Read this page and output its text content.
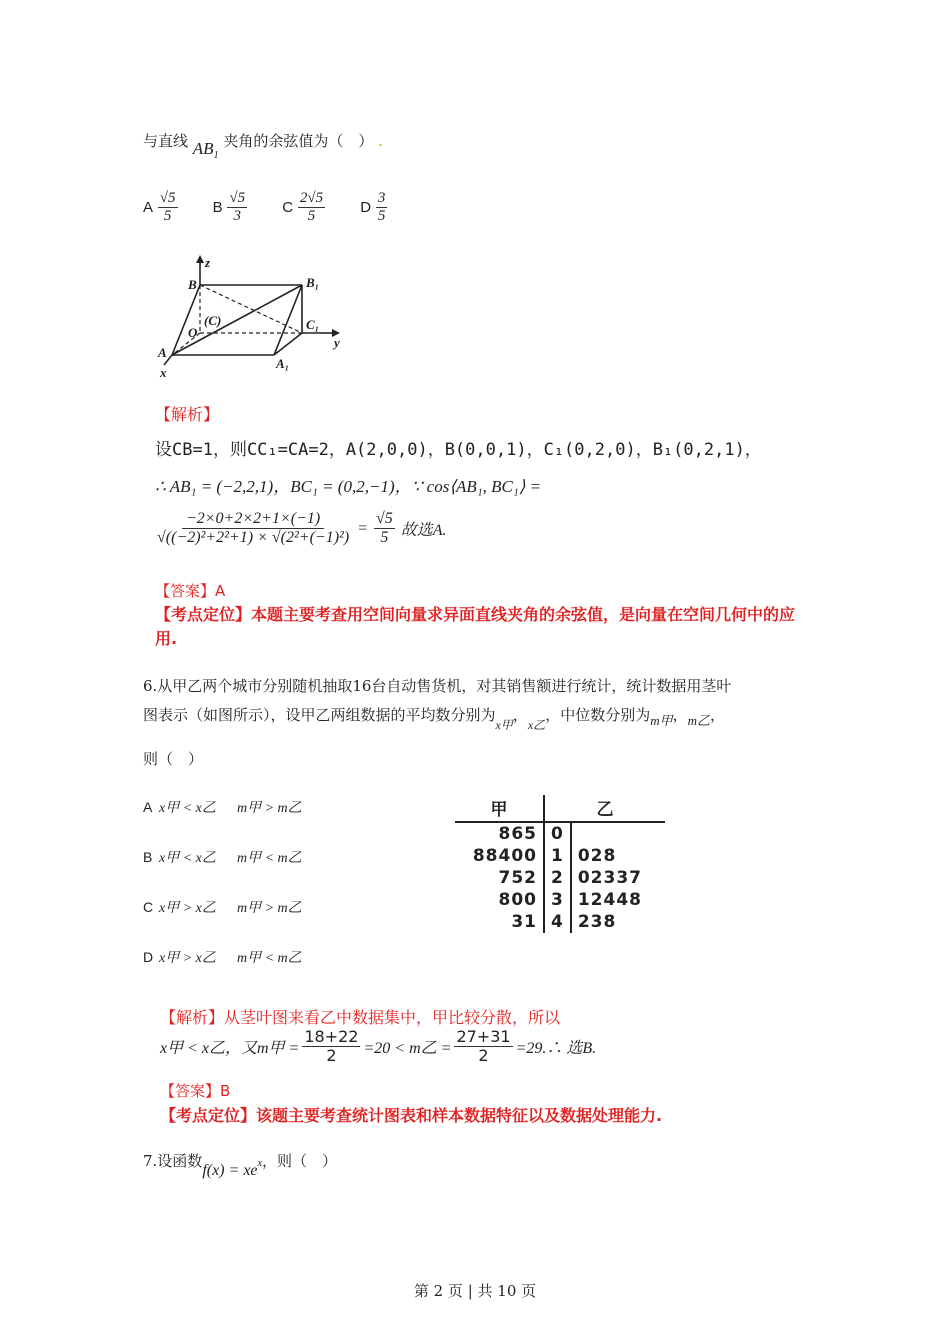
与直线 $AB_1$ 夹角的余弦值为（　） .
A
$\frac{√5}{5}$
B
$\frac{√5}{3}$
C
$\frac{2√5}{5}$
D
$\frac{3}{5}$
z
B	B₁
(C)
O
C₁
y
A
A₁
x
【解析】
设CB=1，则CC₁=CA=2，A(2,0,0)，B(0,0,1)，C₁(0,2,0)，B₁(0,2,1)，
∴ AB₁ = (−2,2,1)，BC₁ = (0,2,−1)，∵ cos⟨AB₁, BC₁⟩ =
$\frac{-2\times 0+2\times 2+1\times(-1)}{\text{√((−2)²+2²+1) × √(2²+(−1)²)}} = \frac{√5}{5}$ 故选A.
【答案】A
【考点定位】本题主要考查用空间向量求异面直线夹角的余弦值，是向量在空间几何中的应
用.
6.从甲乙两个城市分别随机抽取16台自动售货机，对其销售额进行统计，统计数据用茎叶
图表示（如图所示），设甲乙两组数据的平均数分别为
x甲
，
x乙
，中位数分别为 m甲 ， m乙 ，
则（　）
A x甲 < x乙	m甲 > m乙
B x甲 < x乙	m甲 < m乙
C x甲 > x乙	m甲 > m乙
D x甲 > x乙	m甲 < m乙
甲	乙
865	0	
88400	1	028
752	2	02337
800	3	12448
31	4	238
【解析】从茎叶图来看乙中数据集中，甲比较分散，所以
x甲 < x乙，又m甲 = $\frac{18+22}{2} =20 < m$乙 = $\frac{27+31}{2}$ =29.∴ 选B.
【答案】B
【考点定位】该题主要考查统计图表和样本数据特征以及数据处理能力.
7.设函数
f(x) = xe x ，则（　）
第 2 页 | 共 10 页
